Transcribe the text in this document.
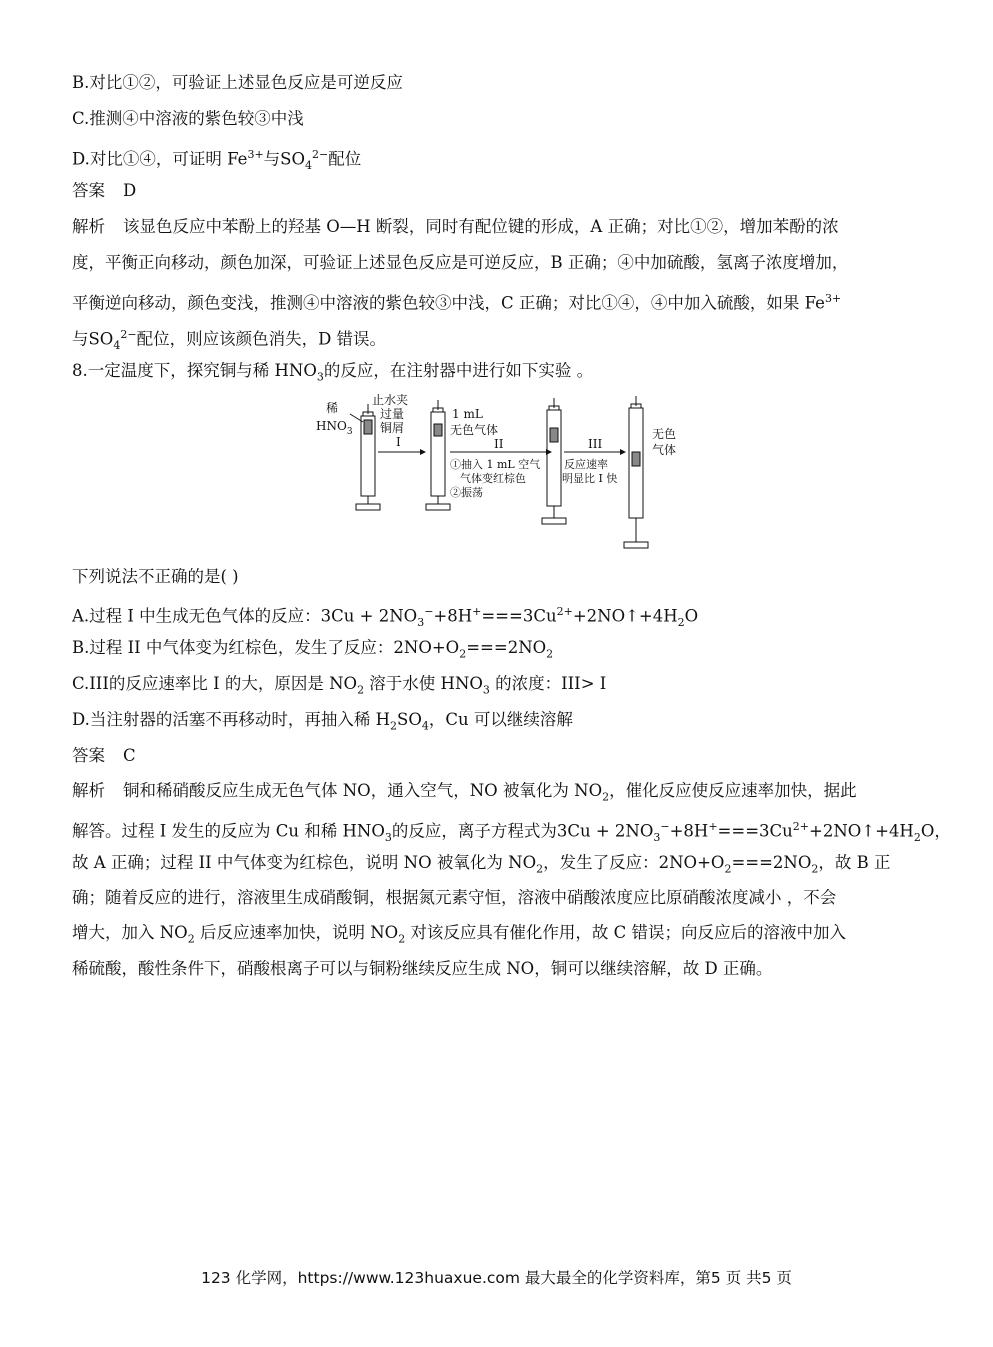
B.对比①②，可验证上述显色反应是可逆反应
C.推测④中溶液的紫色较③中浅
D.对比①④，可证明 $Fe^{3+}$与$SO_4^{2-}$配位
答案 D
解析 该显色反应中苯酚上的羟基 O—H 断裂，同时有配位键的形成，A 正确；对比①②，增加苯酚的浓
度，平衡正向移动，颜色加深，可验证上述显色反应是可逆反应，B 正确；④中加硫酸，氢离子浓度增加，
平衡逆向移动，颜色变浅，推测④中溶液的紫色较③中浅，C 正确；对比①④，④中加入硫酸，如果 $Fe^{3+}$
与$SO_4^{2-}$配位，则应该颜色消失，D 错误。
8.一定温度下，探究铜与稀 $HNO_3$的反应，在注射器中进行如下实验 。
稀
$HNO_3$
止水夹
过量
铜屑
I
1 mL
无色气体
II
①抽入 1 mL 空气
气体变红棕色
②振荡
III
反应速率
明显比 I 快
无色
气体
下列说法不正确的是( )
A.过程 I 中生成无色气体的反应：$3Cu + 2NO_3^-+8H^+===3Cu^{2+}+2NO↑+4H_2O$
B.过程 II 中气体变为红棕色，发生了反应：$2NO+O_2===2NO_2$
C.III的反应速率比 I 的大，原因是 $NO_2$ 溶于水使 $HNO_3$ 的浓度：III> I
D.当注射器的活塞不再移动时，再抽入稀 $H_2SO_4$，Cu 可以继续溶解
答案 C
解析 铜和稀硝酸反应生成无色气体 NO，通入空气，NO 被氧化为 $NO_2$，催化反应使反应速率加快，据此
解答。过程 I 发生的反应为 Cu 和稀 $HNO_3$的反应，离子方程式为$3Cu + 2NO_3^-+8H^+===3Cu^{2+}+2NO↑+4H_2O$，
故 A 正确；过程 II 中气体变为红棕色，说明 NO 被氧化为 $NO_2$，发生了反应：$2NO+O_2===2NO_2$，故 B 正
确；随着反应的进行，溶液里生成硝酸铜，根据氮元素守恒，溶液中硝酸浓度应比原硝酸浓度减小 ，不会
增大，加入 $NO_2$ 后反应速率加快，说明 $NO_2$ 对该反应具有催化作用，故 C 错误；向反应后的溶液中加入
稀硫酸，酸性条件下，硝酸根离子可以与铜粉继续反应生成 NO，铜可以继续溶解，故 D 正确。
123 化学网，https://www.123huaxue.com 最大最全的化学资料库，第5 页 共5 页
